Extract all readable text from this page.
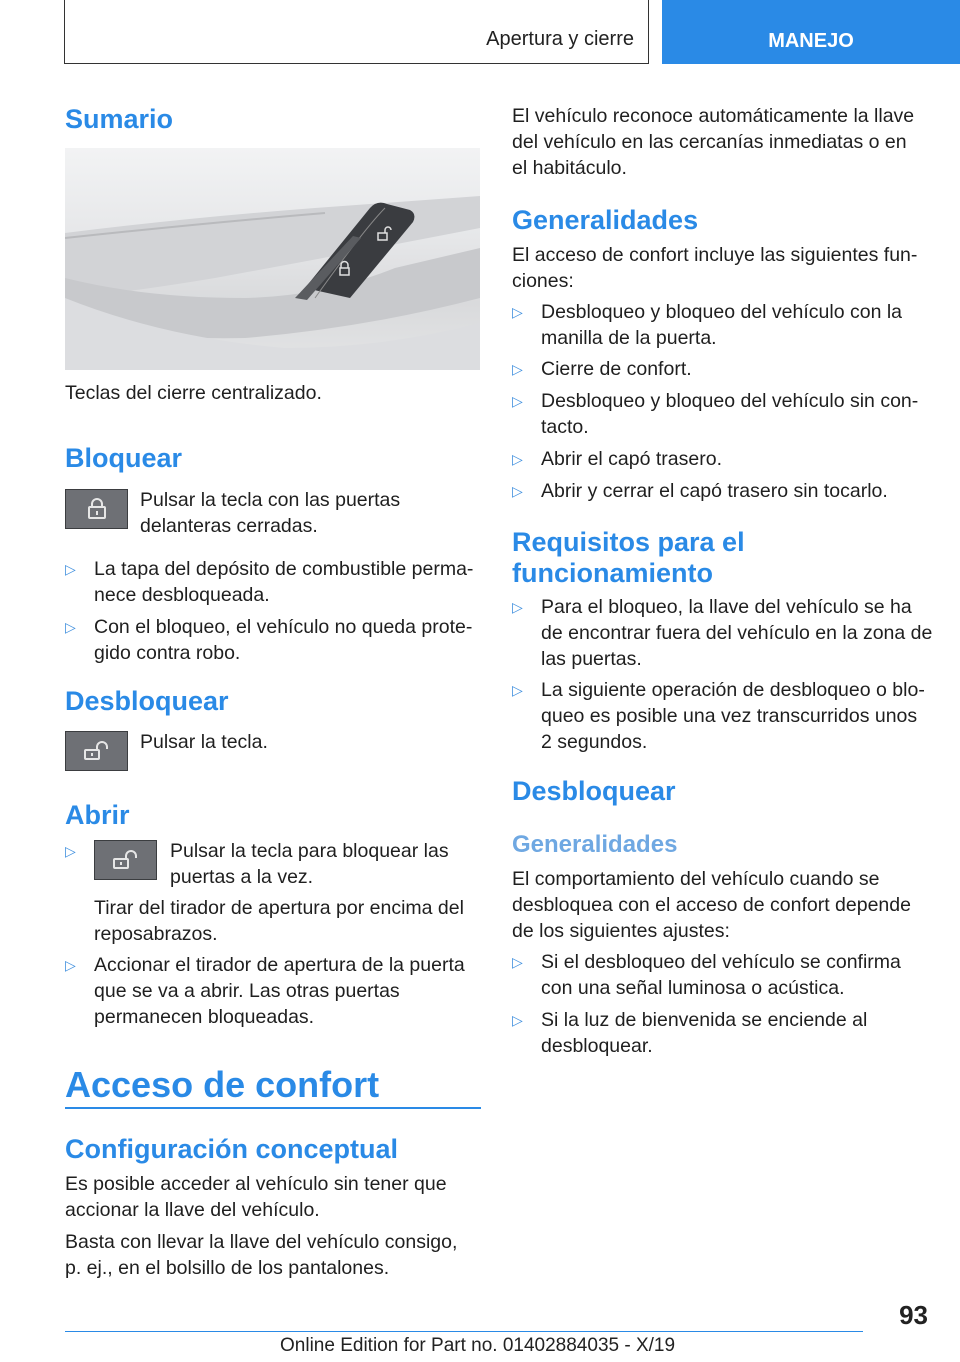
Apertura y cierre	MANEJO
Sumario

Teclas del cierre centralizado.

Bloquear

Pulsar la tecla con las puertas delanteras cerradas.

▷ La tapa del depósito de combustible permanece desbloqueada.
▷ Con el bloqueo, el vehículo no queda protegido contra robo.
Desbloquear

Pulsar la tecla.

Abrir
▷	Pulsar la tecla para bloquear las puertas a la vez.

Tirar del tirador de apertura por encima del reposabrazos.

▷ Accionar el tirador de apertura de la puerta que se va a abrir. Las otras puertas permanecen bloqueadas.
Acceso de confort
Configuración conceptual

Es posible acceder al vehículo sin tener que accionar la llave del vehículo.

Basta con llevar la llave del vehículo consigo, p. ej., en el bolsillo de los pantalones.

El vehículo reconoce automáticamente la llave del vehículo en las cercanías inmediatas o en el habitáculo.

Generalidades

El acceso de confort incluye las siguientes funciones:

▷ Desbloqueo y bloqueo del vehículo con la manilla de la puerta.
▷ Cierre de confort.
▷ Desbloqueo y bloqueo del vehículo sin contacto.
▷ Abrir el capó trasero.
▷ Abrir y cerrar el capó trasero sin tocarlo.
Requisitos para el funcionamiento
▷ Para el bloqueo, la llave del vehículo se ha de encontrar fuera del vehículo en la zona de las puertas.
▷ La siguiente operación de desbloqueo o bloqueo es posible una vez transcurridos unos 2 segundos.
Desbloquear
Generalidades

El comportamiento del vehículo cuando se desbloquea con el acceso de confort depende de los siguientes ajustes:

▷ Si el desbloqueo del vehículo se confirma con una señal luminosa o acústica.
▷ Si la luz de bienvenida se enciende al desbloquear.
93
Online Edition for Part no. 01402884035 - X/19
